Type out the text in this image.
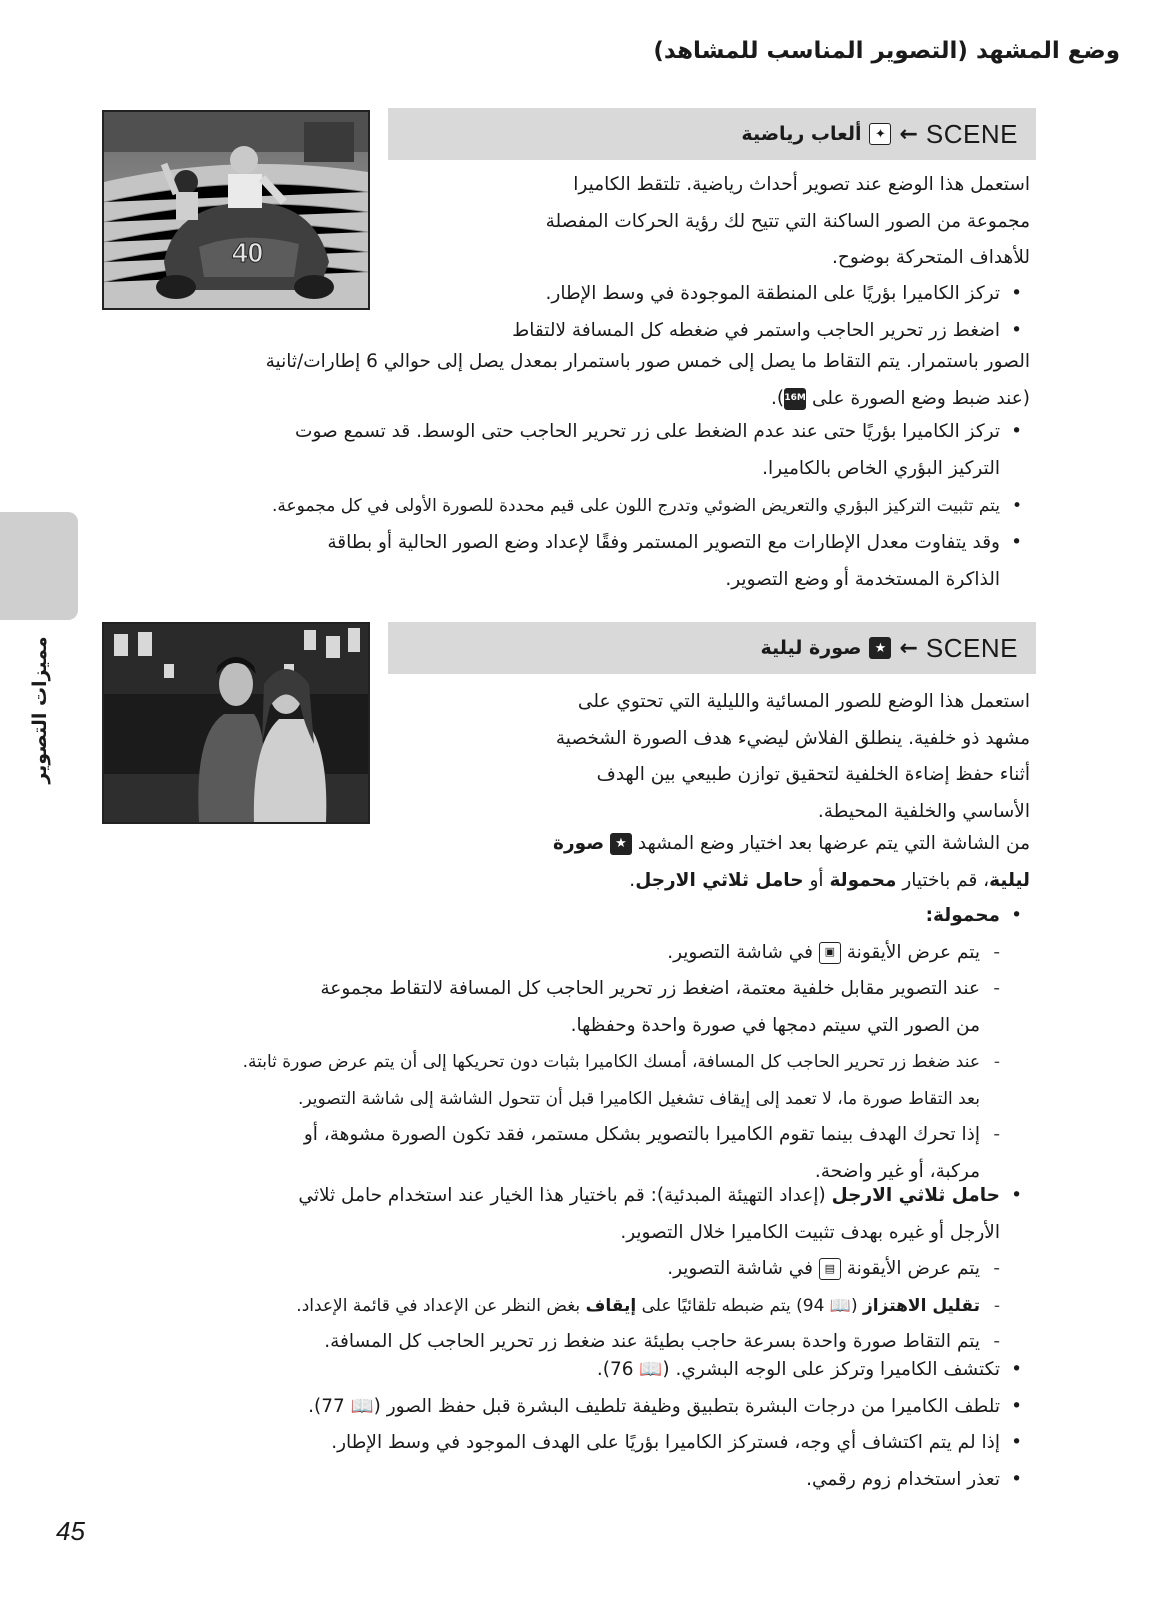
وضع المشهد (التصوير المناسب للمشاهد)
مميزات التصوير
40
SCENE
←
✦
ألعاب رياضية

استعمل هذا الوضع عند تصوير أحداث رياضية. تلتقط الكاميرا

مجموعة من الصور الساكنة التي تتيح لك رؤية الحركات المفصلة

للأهداف المتحركة بوضوح.

• تركز الكاميرا بؤريًا على المنطقة الموجودة في وسط الإطار.

• اضغط زر تحرير الحاجب واستمر في ضغطه كل المسافة لالتقاط

الصور باستمرار. يتم التقاط ما يصل إلى خمس صور باستمرار بمعدل يصل إلى حوالي 6 إطارات/ثانية

(عند ضبط وضع الصورة على 16M).

• تركز الكاميرا بؤريًا حتى عند عدم الضغط على زر تحرير الحاجب حتى الوسط. قد تسمع صوت

التركيز البؤري الخاص بالكاميرا.

• يتم تثبيت التركيز البؤري والتعريض الضوئي وتدرج اللون على قيم محددة للصورة الأولى في كل مجموعة.

• وقد يتفاوت معدل الإطارات مع التصوير المستمر وفقًا لإعداد وضع الصور الحالية أو بطاقة

الذاكرة المستخدمة أو وضع التصوير.

SCENE
←
★
صورة ليلية

استعمل هذا الوضع للصور المسائية والليلية التي تحتوي على

مشهد ذو خلفية. ينطلق الفلاش ليضيء هدف الصورة الشخصية

أثناء حفظ إضاءة الخلفية لتحقيق توازن طبيعي بين الهدف

الأساسي والخلفية المحيطة.

من الشاشة التي يتم عرضها بعد اختيار وضع المشهد ★ صورة

ليلية، قم باختيار محمولة أو حامل ثلاثي الارجل.

• محمولة:

- يتم عرض الأيقونة ▣ في شاشة التصوير.

- عند التصوير مقابل خلفية معتمة، اضغط زر تحرير الحاجب كل المسافة لالتقاط مجموعة

من الصور التي سيتم دمجها في صورة واحدة وحفظها.

- عند ضغط زر تحرير الحاجب كل المسافة، أمسك الكاميرا بثبات دون تحريكها إلى أن يتم عرض صورة ثابتة.

بعد التقاط صورة ما، لا تعمد إلى إيقاف تشغيل الكاميرا قبل أن تتحول الشاشة إلى شاشة التصوير.

- إذا تحرك الهدف بينما تقوم الكاميرا بالتصوير بشكل مستمر، فقد تكون الصورة مشوهة، أو

مركبة، أو غير واضحة.

• حامل ثلاثي الارجل (إعداد التهيئة المبدئية): قم باختيار هذا الخيار عند استخدام حامل ثلاثي

الأرجل أو غيره بهدف تثبيت الكاميرا خلال التصوير.

- يتم عرض الأيقونة ▤ في شاشة التصوير.

- تقليل الاهتزاز (📖 94) يتم ضبطه تلقائيًا على إيقاف بغض النظر عن الإعداد في قائمة الإعداد.

- يتم التقاط صورة واحدة بسرعة حاجب بطيئة عند ضغط زر تحرير الحاجب كل المسافة.

• تكتشف الكاميرا وتركز على الوجه البشري. (📖 76).

• تلطف الكاميرا من درجات البشرة بتطبيق وظيفة تلطيف البشرة قبل حفظ الصور (📖 77).

• إذا لم يتم اكتشاف أي وجه، فستركز الكاميرا بؤريًا على الهدف الموجود في وسط الإطار.

• تعذر استخدام زوم رقمي.

45
